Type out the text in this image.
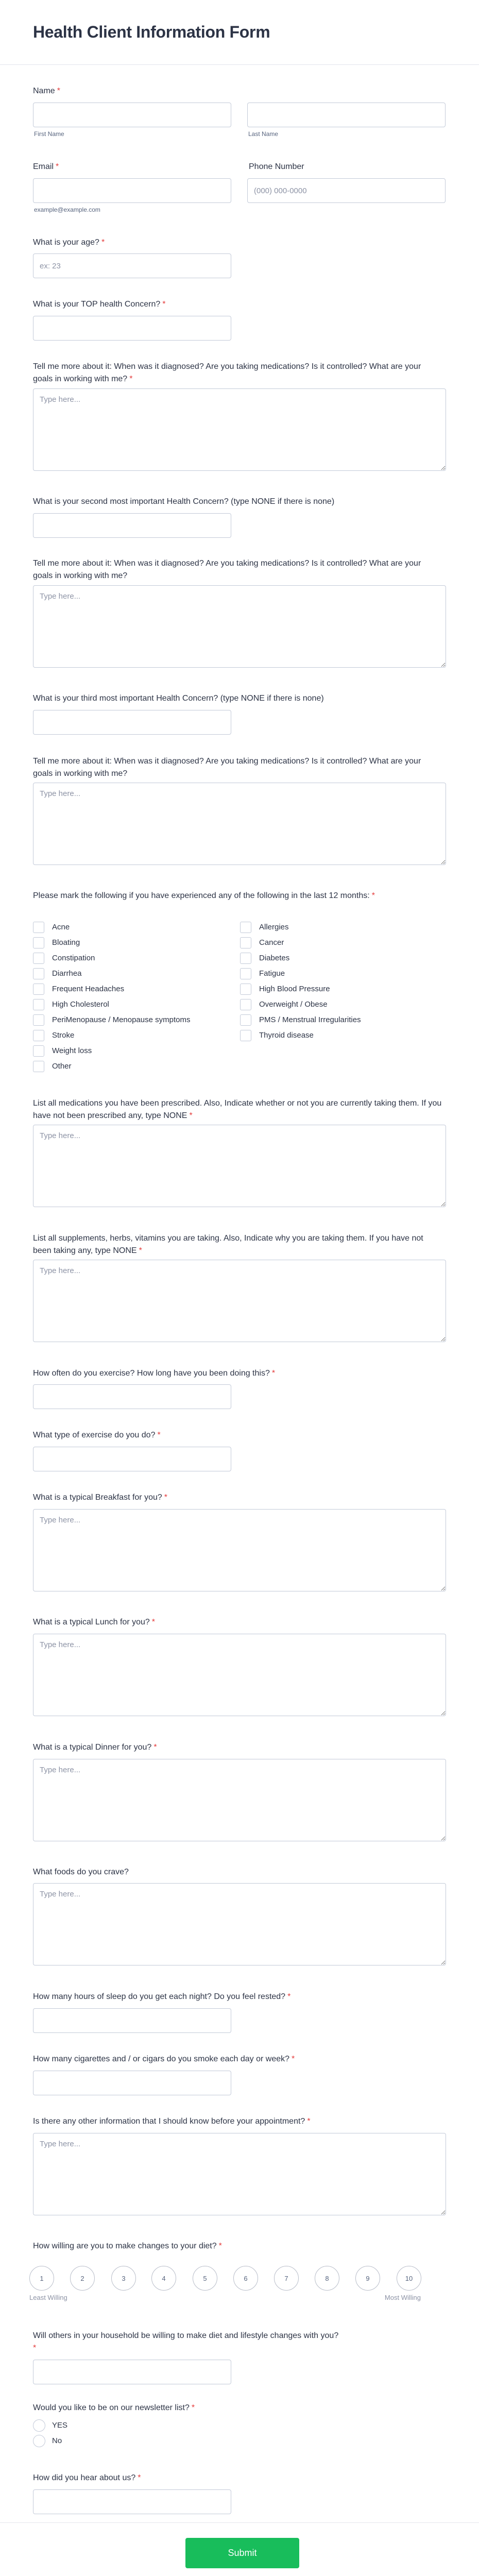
Health Client Information Form
Name *
First Name	Last Name
Email *	Phone Number
(000) 000-0000
example@example.com
What is your age? *
ex: 23
What is your TOP health Concern? *
Tell me more about it: When was it diagnosed? Are you taking medications? Is it controlled? What are your goals in working with me? *
Type here...
What is your second most important Health Concern? (type NONE if there is none)
Tell me more about it: When was it diagnosed? Are you taking medications? Is it controlled? What are your goals in working with me?
Type here...
What is your third most important Health Concern? (type NONE if there is none)
Tell me more about it: When was it diagnosed? Are you taking medications? Is it controlled? What are your goals in working with me?
Type here...
Please mark the following if you have experienced any of the following in the last 12 months: *
Acne
Bloating
Constipation
Diarrhea
Frequent Headaches
High Cholesterol
PeriMenopause / Menopause symptoms
Stroke
Weight loss
Other
Allergies
Cancer
Diabetes
Fatigue
High Blood Pressure
Overweight / Obese
PMS / Menstrual Irregularities
Thyroid disease
List all medications you have been prescribed. Also, Indicate whether or not you are currently taking them. If you have not been prescribed any, type NONE *
Type here...
List all supplements, herbs, vitamins you are taking. Also, Indicate why you are taking them. If you have not been taking any, type NONE *
Type here...
How often do you exercise? How long have you been doing this? *
What type of exercise do you do? *
What is a typical Breakfast for you? *
Type here...
What is a typical Lunch for you? *
Type here...
What is a typical Dinner for you? *
Type here...
What foods do you crave?
Type here...
How many hours of sleep do you get each night? Do you feel rested? *
How many cigarettes and / or cigars do you smoke each day or week? *
Is there any other information that I should know before your appointment? *
Type here...
How willing are you to make changes to your diet? *
1	2	3	4	5	6	7	8	9	10
Least Willing	Most Willing
Will others in your household be willing to make diet and lifestyle changes with you?
*
Would you like to be on our newsletter list? *
YES
No
How did you hear about us? *
Submit
